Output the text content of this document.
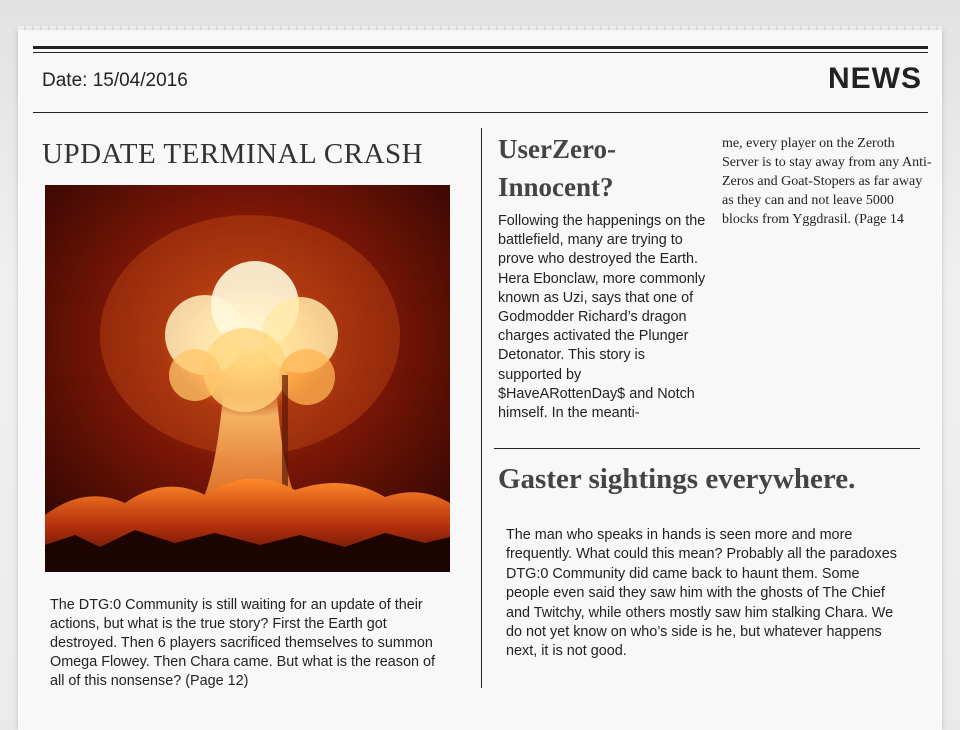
Date: 15/04/2016	NEWS
UPDATE TERMINAL CRASH
The DTG:0 Community is still waiting for an update of their actions, but what is the true story? First the Earth got destroyed. Then 6 players sacrificed themselves to summon Omega Flowey. Then Chara came. But what is the reason of all of this nonsense? (Page 12)
UserZero-Innocent?
Following the happenings on the battlefield, many are trying to prove who destroyed the Earth. Hera Ebonclaw, more commonly known as Uzi, says that one of Godmodder Richard’s dragon charges activated the Plunger Detonator. This story is supported by $HaveARottenDay$ and Notch himself. In the meanti-
me, every player on the Zeroth Server is to stay away from any Anti-Zeros and Goat-Stopers as far away as they can and not leave 5000 blocks from Yggdrasil. (Page 14
Gaster sightings everywhere.
The man who speaks in hands is seen more and more frequently. What could this mean? Probably all the paradoxes DTG:0 Community did came back to haunt them. Some people even said they saw him with the ghosts of The Chief and Twitchy, while others mostly saw him stalking Chara. We do not yet know on who’s side is he, but whatever happens next, it is not good.
